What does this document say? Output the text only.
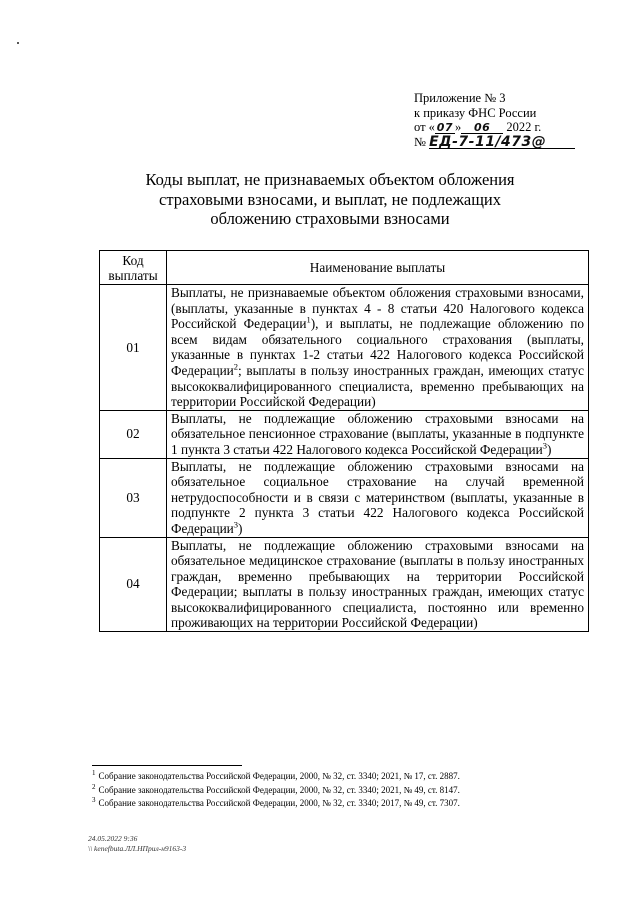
Приложение № 3
к приказу ФНС России
от « 07 » 06 2022 г.
№ ЕД-7-11/473@
Коды выплат, не признаваемых объектом обложения
страховыми взносами, и выплат, не подлежащих
обложению страховыми взносами
Код
выплаты	Наименование выплаты
01	Выплаты, не признаваемые объектом обложения страховыми взносами, (выплаты, указанные в пунктах 4 - 8 статьи 420 Налогового кодекса Российской Федерации$^1$), и выплаты, не подлежащие обложению по всем видам обязательного социального страхования (выплаты, указанные в пунктах 1-2 статьи 422 Налогового кодекса Российской Федерации$^2$; выплаты в пользу иностранных граждан, имеющих статус высококвалифицированного специалиста, временно пребывающих на территории Российской Федерации)
02	Выплаты, не подлежащие обложению страховыми взносами на обязательное пенсионное страхование (выплаты, указанные в подпункте 1 пункта 3 статьи 422 Налогового кодекса Российской Федерации$^3$)
03	Выплаты, не подлежащие обложению страховыми взносами на обязательное социальное страхование на случай временной нетрудоспособности и в связи с материнством (выплаты, указанные в подпункте 2 пункта 3 статьи 422 Налогового кодекса Российской Федерации$^3$)
04	Выплаты, не подлежащие обложению страховыми взносами на обязательное медицинское страхование (выплаты в пользу иностранных граждан, временно пребывающих на территории Российской Федерации; выплаты в пользу иностранных граждан, имеющих статус высококвалифицированного специалиста, постоянно или временно проживающих на территории Российской Федерации)
$^1$ Собрание законодательства Российской Федерации, 2000, № 32, ст. 3340; 2021, № 17, ст. 2887.
$^2$ Собрание законодательства Российской Федерации, 2000, № 32, ст. 3340; 2021, № 49, ст. 8147.
$^3$ Собрание законодательства Российской Федерации, 2000, № 32, ст. 3340; 2017, № 49, ст. 7307.
24.05.2022 9:36
\\ kenefbuta.ЛЛ.НПрил-н9163-3
